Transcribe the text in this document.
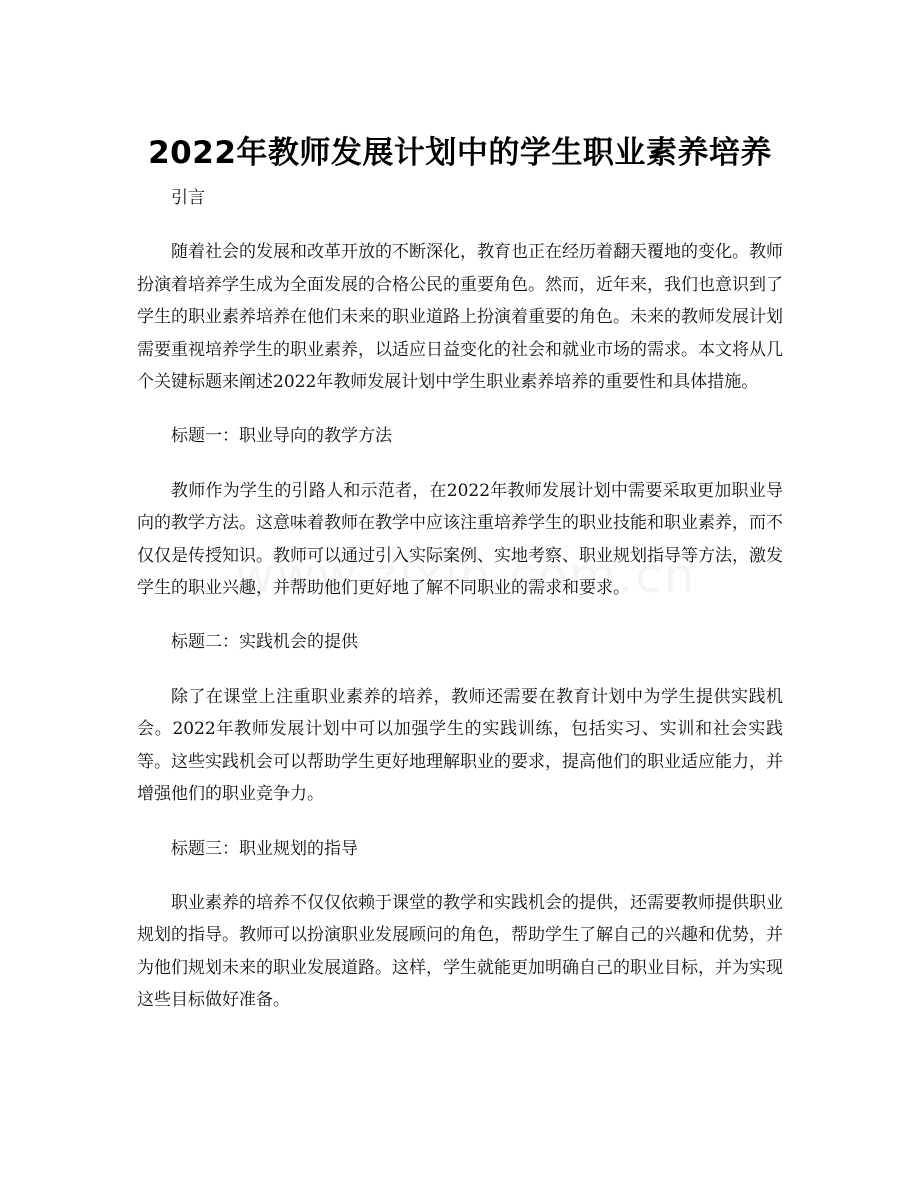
2022年教师发展计划中的学生职业素养培养

引言

随着社会的发展和改革开放的不断深化，教育也正在经历着翻天覆地的变化。教师扮演着培养学生成为全面发展的合格公民的重要角色。然而，近年来，我们也意识到了学生的职业素养培养在他们未来的职业道路上扮演着重要的角色。未来的教师发展计划需要重视培养学生的职业素养，以适应日益变化的社会和就业市场的需求。本文将从几个关键标题来阐述2022年教师发展计划中学生职业素养培养的重要性和具体措施。

标题一：职业导向的教学方法

教师作为学生的引路人和示范者，在2022年教师发展计划中需要采取更加职业导向的教学方法。这意味着教师在教学中应该注重培养学生的职业技能和职业素养，而不仅仅是传授知识。教师可以通过引入实际案例、实地考察、职业规划指导等方法，激发学生的职业兴趣，并帮助他们更好地了解不同职业的需求和要求。

标题二：实践机会的提供

除了在课堂上注重职业素养的培养，教师还需要在教育计划中为学生提供实践机会。2022年教师发展计划中可以加强学生的实践训练，包括实习、实训和社会实践等。这些实践机会可以帮助学生更好地理解职业的要求，提高他们的职业适应能力，并增强他们的职业竞争力。

标题三：职业规划的指导

职业素养的培养不仅仅依赖于课堂的教学和实践机会的提供，还需要教师提供职业规划的指导。教师可以扮演职业发展顾问的角色，帮助学生了解自己的兴趣和优势，并为他们规划未来的职业发展道路。这样，学生就能更加明确自己的职业目标，并为实现这些目标做好准备。
